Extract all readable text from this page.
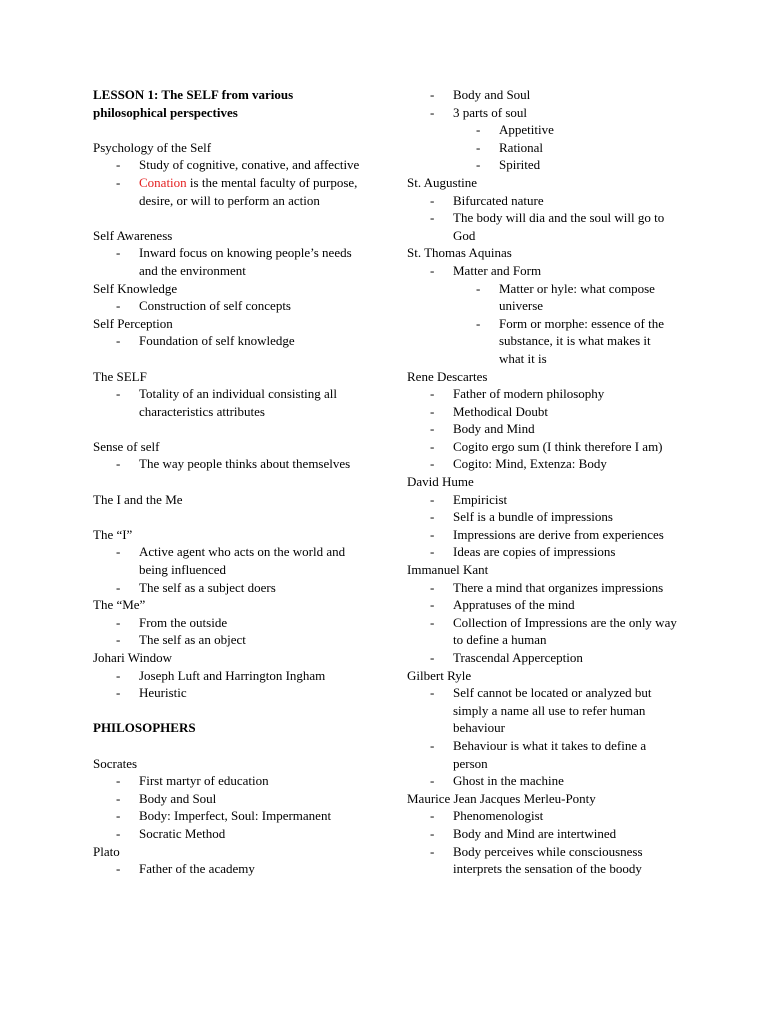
LESSON 1: The SELF from various

philosophical perspectives

Psychology of the Self

- Study of cognitive, conative, and affective
- Conation is the mental faculty of purpose, desire, or will to perform an action

Self Awareness

- Inward focus on knowing people’s needs and the environment

Self Knowledge

- Construction of self concepts

Self Perception

- Foundation of self knowledge

The SELF

- Totality of an individual consisting all characteristics attributes

Sense of self

- The way people thinks about themselves

The I and the Me

The “I”

- Active agent who acts on the world and being influenced
- The self as a subject doers

The “Me”

- From the outside
- The self as an object

Johari Window

- Joseph Luft and Harrington Ingham
- Heuristic

PHILOSOPHERS

Socrates

- First martyr of education
- Body and Soul
- Body: Imperfect, Soul: Impermanent
- Socratic Method

Plato

- Father of the academy
- Body and Soul
- 3 parts of soul
- Appetitive
- Rational
- Spirited

St. Augustine

- Bifurcated nature
- The body will dia and the soul will go to God

St. Thomas Aquinas

- Matter and Form
- Matter or hyle: what compose universe
- Form or morphe: essence of the substance, it is what makes it what it is

Rene Descartes

- Father of modern philosophy
- Methodical Doubt
- Body and Mind
- Cogito ergo sum (I think therefore I am)
- Cogito: Mind, Extenza: Body

David Hume

- Empiricist
- Self is a bundle of impressions
- Impressions are derive from experiences
- Ideas are copies of impressions

Immanuel Kant

- There a mind that organizes impressions
- Appratuses of the mind
- Collection of Impressions are the only way to define a human
- Trascendal Apperception

Gilbert Ryle

- Self cannot be located or analyzed but simply a name all use to refer human behaviour
- Behaviour is what it takes to define a person
- Ghost in the machine

Maurice Jean Jacques Merleu-Ponty

- Phenomenologist
- Body and Mind are intertwined
- Body perceives while consciousness interprets the sensation of the boody
